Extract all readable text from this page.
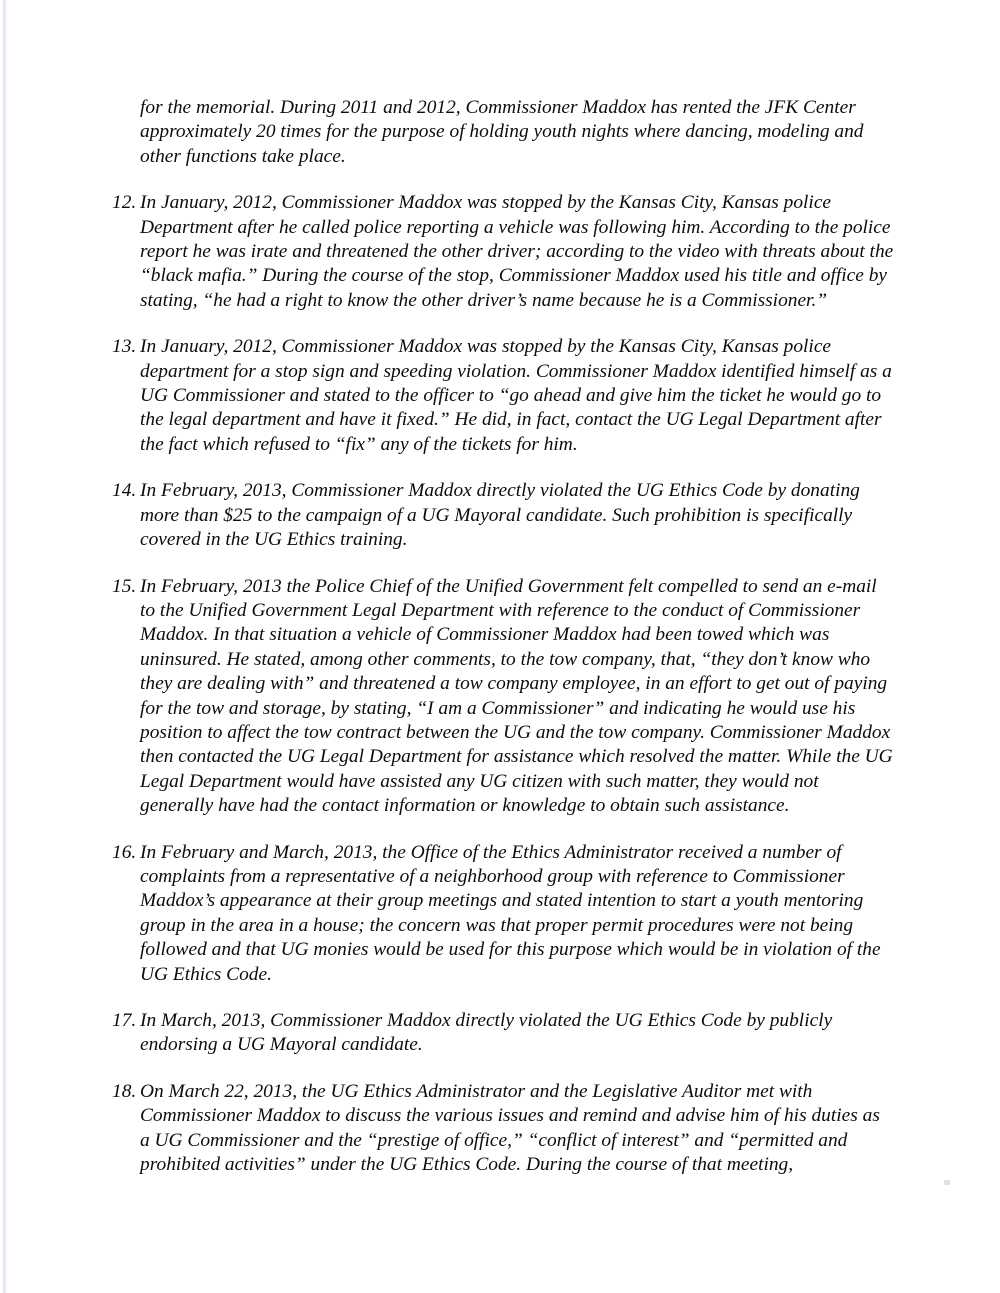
for the memorial. During 2011 and 2012, Commissioner Maddox has rented the JFK Center approximately 20 times for the purpose of holding youth nights where dancing, modeling and other functions take place.

12. In January, 2012, Commissioner Maddox was stopped by the Kansas City, Kansas police Department after he called police reporting a vehicle was following him. According to the police report he was irate and threatened the other driver; according to the video with threats about the “black mafia.” During the course of the stop, Commissioner Maddox used his title and office by stating, “he had a right to know the other driver’s name because he is a Commissioner.”
13. In January, 2012, Commissioner Maddox was stopped by the Kansas City, Kansas police department for a stop sign and speeding violation. Commissioner Maddox identified himself as a UG Commissioner and stated to the officer to “go ahead and give him the ticket he would go to the legal department and have it fixed.” He did, in fact, contact the UG Legal Department after the fact which refused to “fix” any of the tickets for him.
14. In February, 2013, Commissioner Maddox directly violated the UG Ethics Code by donating more than $25 to the campaign of a UG Mayoral candidate. Such prohibition is specifically covered in the UG Ethics training.
15. In February, 2013 the Police Chief of the Unified Government felt compelled to send an e-mail to the Unified Government Legal Department with reference to the conduct of Commissioner Maddox. In that situation a vehicle of Commissioner Maddox had been towed which was uninsured. He stated, among other comments, to the tow company, that, “they don’t know who they are dealing with” and threatened a tow company employee, in an effort to get out of paying for the tow and storage, by stating, “I am a Commissioner” and indicating he would use his position to affect the tow contract between the UG and the tow company. Commissioner Maddox then contacted the UG Legal Department for assistance which resolved the matter. While the UG Legal Department would have assisted any UG citizen with such matter, they would not generally have had the contact information or knowledge to obtain such assistance.
16. In February and March, 2013, the Office of the Ethics Administrator received a number of complaints from a representative of a neighborhood group with reference to Commissioner Maddox’s appearance at their group meetings and stated intention to start a youth mentoring group in the area in a house; the concern was that proper permit procedures were not being followed and that UG monies would be used for this purpose which would be in violation of the UG Ethics Code.
17. In March, 2013, Commissioner Maddox directly violated the UG Ethics Code by publicly endorsing a UG Mayoral candidate.
18. On March 22, 2013, the UG Ethics Administrator and the Legislative Auditor met with Commissioner Maddox to discuss the various issues and remind and advise him of his duties as a UG Commissioner and the “prestige of office,” “conflict of interest” and “permitted and prohibited activities” under the UG Ethics Code. During the course of that meeting,
